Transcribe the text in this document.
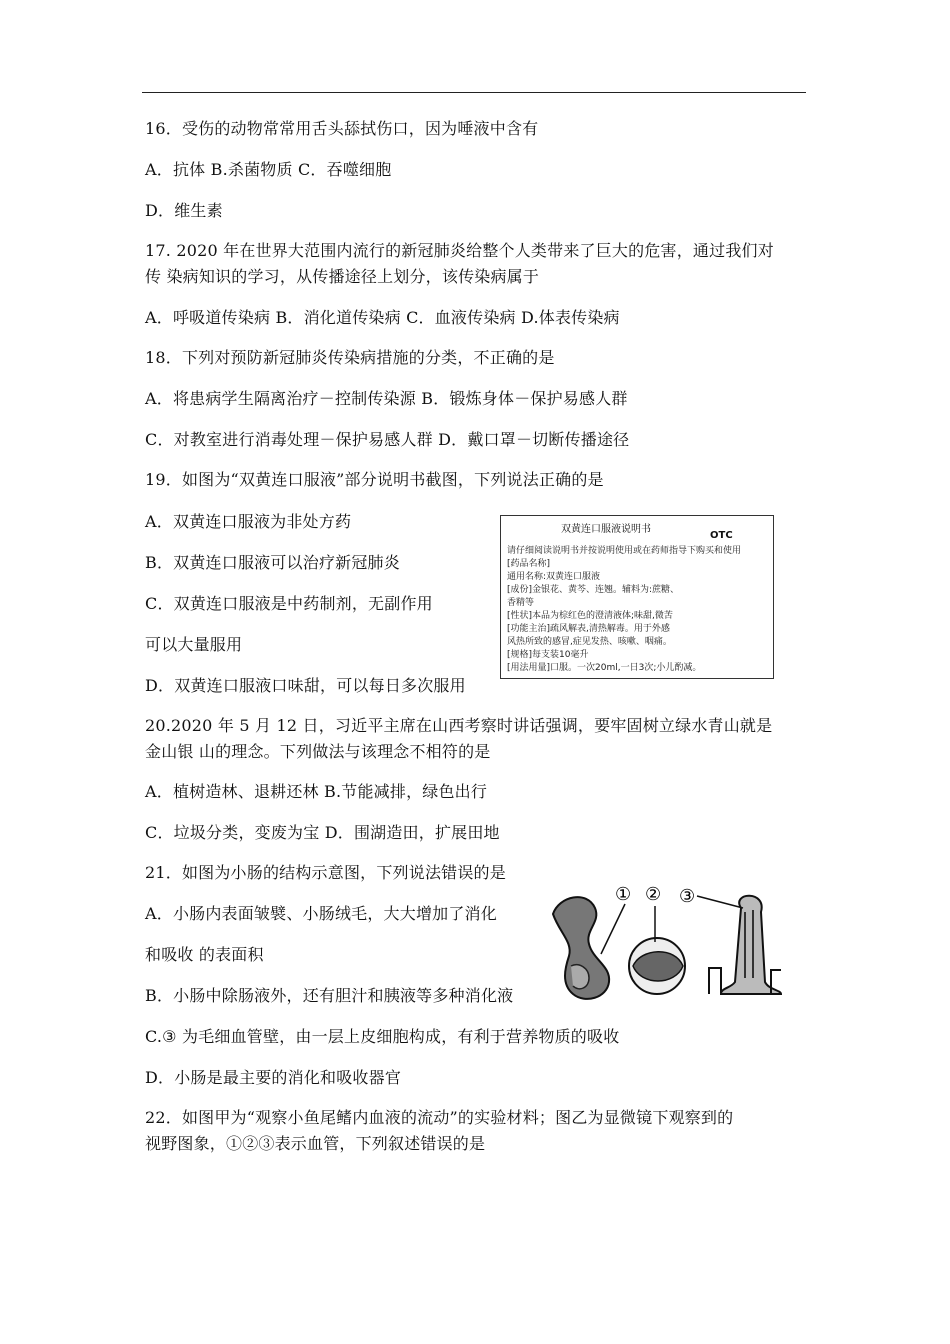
16．受伤的动物常常用舌头舔拭伤口，因为唾液中含有
A．抗体 B.杀菌物质 C．吞噬细胞
D．维生素
17. 2020 年在世界大范围内流行的新冠肺炎给整个人类带来了巨大的危害，通过我们对
传 染病知识的学习，从传播途径上划分，该传染病属于
A．呼吸道传染病 B．消化道传染病 C．血液传染病 D.体表传染病
18．下列对预防新冠肺炎传染病措施的分类，不正确的是
A．将患病学生隔离治疗－控制传染源 B．锻炼身体－保护易感人群
C．对教室进行消毒处理－保护易感人群 D．戴口罩－切断传播途径
19．如图为“双黄连口服液”部分说明书截图，下列说法正确的是
A．双黄连口服液为非处方药
B．双黄连口服液可以治疗新冠肺炎
C．双黄连口服液是中药制剂，无副作用
可以大量服用
D．双黄连口服液口味甜，可以每日多次服用
20.2020 年 5 月 12 日，习近平主席在山西考察时讲话强调，要牢固树立绿水青山就是
金山银 山的理念。下列做法与该理念不相符的是
A．植树造林、退耕还林 B.节能减排，绿色出行
C．垃圾分类，变废为宝 D．围湖造田，扩展田地
21．如图为小肠的结构示意图，下列说法错误的是
A．小肠内表面皱襞、小肠绒毛，大大增加了消化
和吸收 的表面积
B．小肠中除肠液外，还有胆汁和胰液等多种消化液
C.③ 为毛细血管壁，由一层上皮细胞构成，有利于营养物质的吸收
D．小肠是最主要的消化和吸收器官
22．如图甲为“观察小鱼尾鳍内血液的流动”的实验材料；图乙为显微镜下观察到的
视野图象，①②③表示血管，下列叙述错误的是
双黄连口服液说明书
OTC
请仔细阅读说明书并按说明使用或在药师指导下购买和使用
[药品名称]
通用名称:双黄连口服液
[成份]金银花、黄芩、连翘。辅料为:蔗糖、
香精等
[性状]本品为棕红色的澄清液体;味甜,微苦
[功能主治]疏风解表,清热解毒。用于外感
风热所致的感冒,症见发热、咳嗽、咽痛。
[规格]每支装10毫升
[用法用量]口服。一次20ml,一日3次;小儿酌减。
① ② ③
